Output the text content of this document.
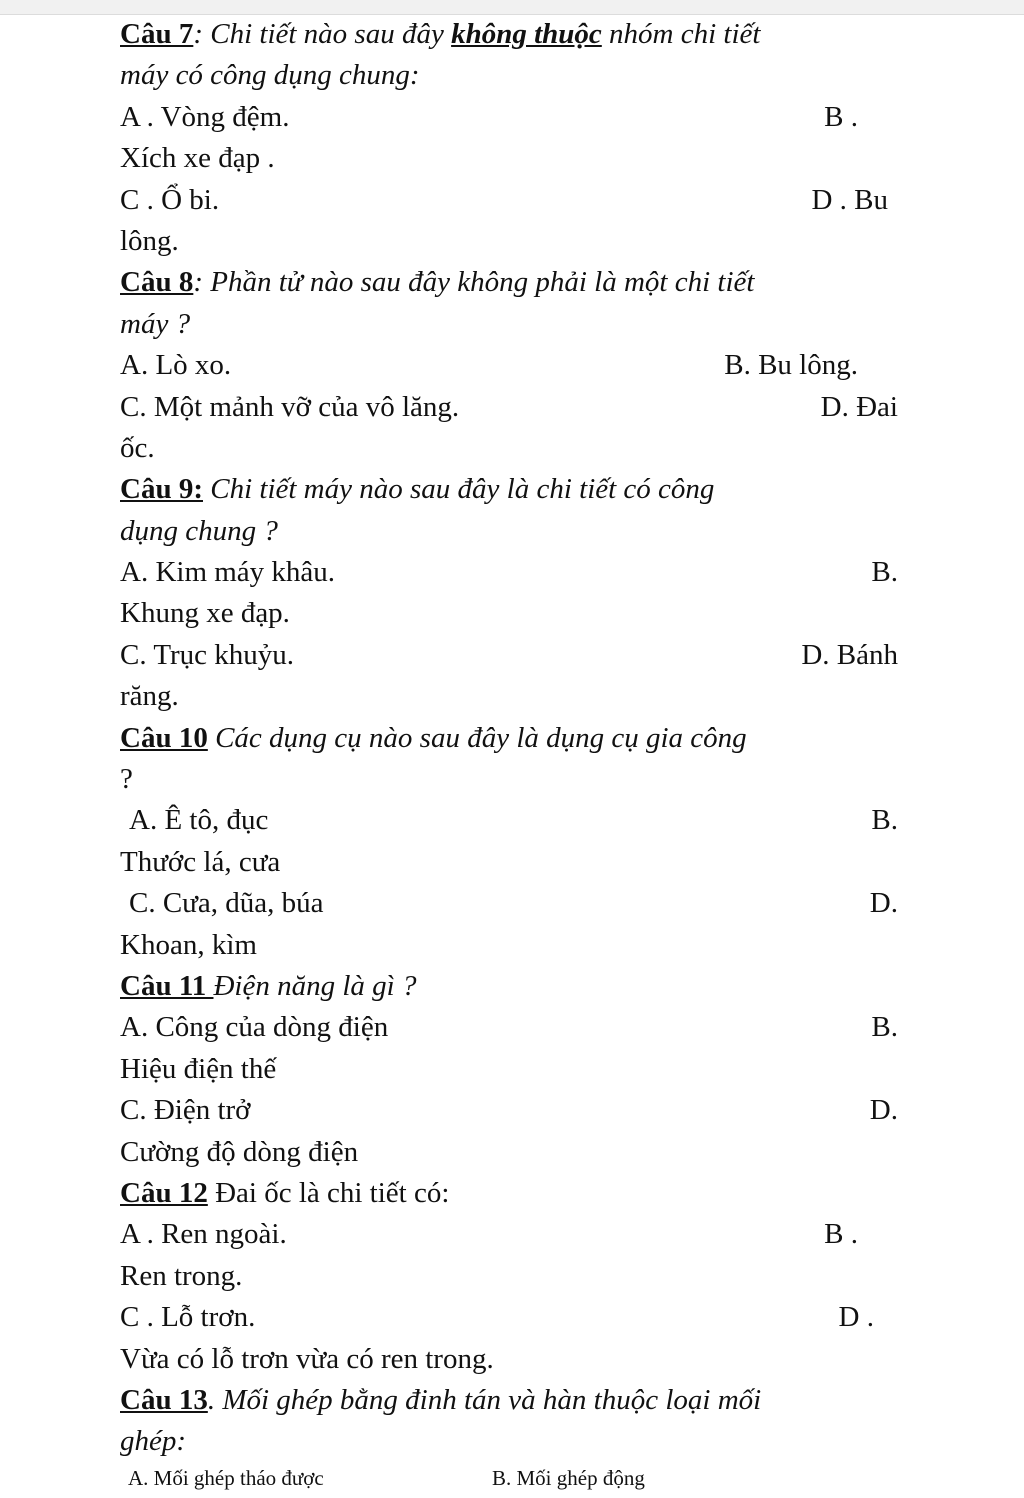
Câu 7: Chi tiết nào sau đây không thuộc nhóm chi tiết
máy có công dụng chung:
A . Vòng đệm.	B .
Xích xe đạp .
C . Ổ bi.	D . Bu
lông.
Câu 8: Phần tử nào sau đây không phải là một chi tiết
máy ?
A. Lò xo.	B. Bu lông.
C. Một mảnh vỡ của vô lăng.	D. Đai
ốc.
Câu 9: Chi tiết máy nào sau đây là chi tiết có công
dụng chung ?
A. Kim máy khâu.	B.
Khung xe đạp.
C. Trục khuỷu.	D. Bánh
răng.
Câu 10 Các dụng cụ nào sau đây là dụng cụ gia công
?
A. Ê tô, đục	B.
Thước lá, cưa
C. Cưa, dũa, búa	D.
Khoan, kìm
Câu 11 Điện năng là gì ?
A. Công của dòng điện	B.
Hiệu điện thế
C. Điện trở	D.
Cường độ dòng điện
Câu 12 Đai ốc là chi tiết có:
A . Ren ngoài.	B .
Ren trong.
C . Lỗ trơn.	D .
Vừa có lỗ trơn vừa có ren trong.
Câu 13. Mối ghép bằng đinh tán và hàn thuộc loại mối
ghép:
A. Mối ghép tháo được	B. Mối ghép động
